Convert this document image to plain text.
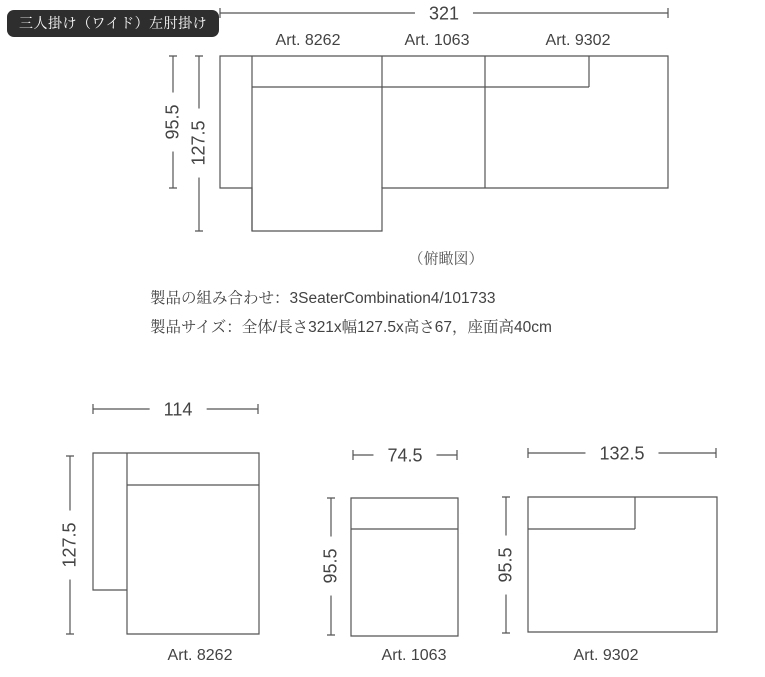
三人掛け（ワイド）左肘掛け	321
Art. 8262	Art. 1063	Art. 9302
95.5 127.5
（俯瞰図）
製品の組み合わせ：3SeaterCombination4/101733
製品サイズ：全体/長さ321x幅127.5x高さ67，座面高40cm
114
127.5
Art. 8262
74.5
95.5
Art. 1063
132.5
95.5
Art. 9302
